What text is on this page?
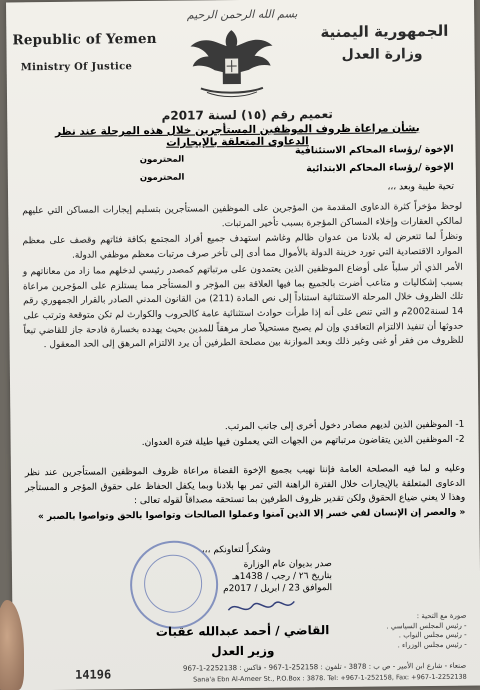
بسم الله الرحمن الرحيم
Republic of Yemen
Ministry Of Justice
الجمهورية اليمنية
وزارة العدل
تعميم رقم (١٥) لسنة 2017م
بشأن مراعاة ظروف الموظفين المستأجرين خلال هذه المرحلة عند نظر الدعاوى المتعلقة بالإيجارات
الإخوة /رؤساء المحاكم الاستئنافية
المحترمون
الإخوة /رؤساء المحاكم الابتدائية
المحترمون
تحية طيبة وبعد ،،،

لوحظ مؤخراً كثرة الدعاوى المقدمة من المؤجرين على الموظفين المستأجرين بتسليم إيجارات المساكن التي عليهم لمالكي العقارات وإخلاء المساكن المؤجرة بسبب تأخير المرتبات.

ونظراً لما تتعرض له بلادنا من عدوان ظالم وغاشم استهدف جميع أفراد المجتمع بكافة فئاتهم وقصف على معظم الموارد الاقتصادية التي تورد خزينة الدولة بالأموال مما أدى إلى تأخر صرف مرتبات معظم موظفي الدولة.

الأمر الذي أثر سلباً على أوضاع الموظفين الذين يعتمدون على مرتباتهم كمصدر رئيسي لدخلهم مما زاد من معاناتهم و بسبب إشكاليات و متاعب أضرت بالجميع بما فيها العلاقة بين المؤجر و المستأجر مما يستلزم على المؤجرين مراعاة تلك الظروف خلال المرحلة الاستثنائية استناداً إلى نص المادة (211) من القانون المدني الصادر بالقرار الجمهوري رقم 14 لسنة2002م و التي تنص على أنه إذا طرأت حوادث استثنائية عامة كالحروب والكوارث لم تكن متوقعة وترتب على حدوثها أن تنفيذ الالتزام التعاقدي وإن لم يصبح مستحيلاً صار مرهقاً للمدين بحيث يهدده بخسارة فادحة جاز للقاضي تبعاً للظروف من فقر أو غنى وغير ذلك وبعد الموازنة بين مصلحة الطرفين أن يرد الالتزام المرهق إلى الحد المعقول .

1- الموظفين الذين لديهم مصادر دخول أخرى إلى جانب المرتب.

2- الموظفين الذين يتقاضون مرتباتهم من الجهات التي يعملون فيها طيلة فترة العدوان.

وعليه و لما فيه المصلحة العامة فإننا نهيب بجميع الإخوة القضاة مراعاة ظروف الموظفين المستأجرين عند نظر الدعاوى المتعلقة بالإيجارات خلال الفترة الراهنة التي تمر بها بلادنا وبما يكفل الحفاظ على حقوق المؤجر و المستأجر وهذا لا يعني ضياع الحقوق ولكن تقدير ظروف الطرفين بما تستحقه مصداقاً لقوله تعالى :

« والعصر إن الإنسان لفي خسر إلا الذين آمنوا وعملوا الصالحات وتواصوا بالحق وتواصوا بالصبر »

وشكراً لتعاونكم ،،،
صدر بديوان عام الوزارة
بتاريخ ٢٦ / رجب / 1438هـ
الموافق 23 / ابريل / 2017م
القاضي / أحمد عبدالله عقبات
وزير العدل
صورة مع التحية :
- رئيس المجلس السياسي .
- رئيس مجلس النواب .
- رئيس مجلس الوزراء .
14196	صنعاء - شارع ابن الأمير - ص ب : 3878 - تلفون : 252158-1-967 - فاكس : 2252138-1-967
Sana'a Ebn Al-Ameer St., P.O.Box : 3878. Tel: +967-1-252158, Fax: +967-1-2252138
